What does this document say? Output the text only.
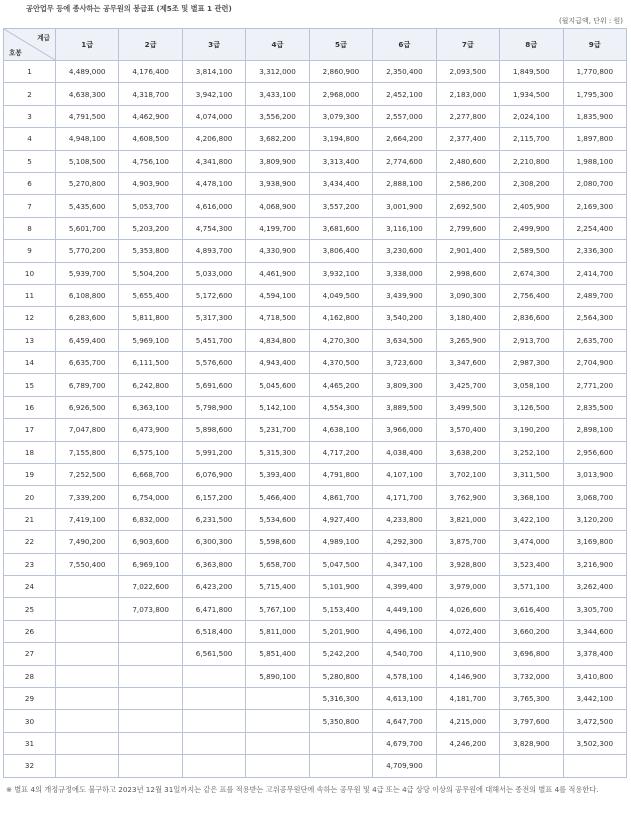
공안업무 등에 종사하는 공무원의 봉급표 (제5조 및 별표 1 관련)
(월지급액, 단위 : 원)
계급
호봉	1급	2급	3급	4급	5급	6급	7급	8급	9급
1	4,489,000	4,176,400	3,814,100	3,312,000	2,860,900	2,350,400	2,093,500	1,849,500	1,770,800
2	4,638,300	4,318,700	3,942,100	3,433,100	2,968,000	2,452,100	2,183,000	1,934,500	1,795,300
3	4,791,500	4,462,900	4,074,000	3,556,200	3,079,300	2,557,000	2,277,800	2,024,100	1,835,900
4	4,948,100	4,608,500	4,206,800	3,682,200	3,194,800	2,664,200	2,377,400	2,115,700	1,897,800
5	5,108,500	4,756,100	4,341,800	3,809,900	3,313,400	2,774,600	2,480,600	2,210,800	1,988,100
6	5,270,800	4,903,900	4,478,100	3,938,900	3,434,400	2,888,100	2,586,200	2,308,200	2,080,700
7	5,435,600	5,053,700	4,616,000	4,068,900	3,557,200	3,001,900	2,692,500	2,405,900	2,169,300
8	5,601,700	5,203,200	4,754,300	4,199,700	3,681,600	3,116,100	2,799,600	2,499,900	2,254,400
9	5,770,200	5,353,800	4,893,700	4,330,900	3,806,400	3,230,600	2,901,400	2,589,500	2,336,300
10	5,939,700	5,504,200	5,033,000	4,461,900	3,932,100	3,338,000	2,998,600	2,674,300	2,414,700
11	6,108,800	5,655,400	5,172,600	4,594,100	4,049,500	3,439,900	3,090,300	2,756,400	2,489,700
12	6,283,600	5,811,800	5,317,300	4,718,500	4,162,800	3,540,200	3,180,400	2,836,600	2,564,300
13	6,459,400	5,969,100	5,451,700	4,834,800	4,270,300	3,634,500	3,265,900	2,913,700	2,635,700
14	6,635,700	6,111,500	5,576,600	4,943,400	4,370,500	3,723,600	3,347,600	2,987,300	2,704,900
15	6,789,700	6,242,800	5,691,600	5,045,600	4,465,200	3,809,300	3,425,700	3,058,100	2,771,200
16	6,926,500	6,363,100	5,798,900	5,142,100	4,554,300	3,889,500	3,499,500	3,126,500	2,835,500
17	7,047,800	6,473,900	5,898,600	5,231,700	4,638,100	3,966,000	3,570,400	3,190,200	2,898,100
18	7,155,800	6,575,100	5,991,200	5,315,300	4,717,200	4,038,400	3,638,200	3,252,100	2,956,600
19	7,252,500	6,668,700	6,076,900	5,393,400	4,791,800	4,107,100	3,702,100	3,311,500	3,013,900
20	7,339,200	6,754,000	6,157,200	5,466,400	4,861,700	4,171,700	3,762,900	3,368,100	3,068,700
21	7,419,100	6,832,000	6,231,500	5,534,600	4,927,400	4,233,800	3,821,000	3,422,100	3,120,200
22	7,490,200	6,903,600	6,300,300	5,598,600	4,989,100	4,292,300	3,875,700	3,474,000	3,169,800
23	7,550,400	6,969,100	6,363,800	5,658,700	5,047,500	4,347,100	3,928,800	3,523,400	3,216,900
24		7,022,600	6,423,200	5,715,400	5,101,900	4,399,400	3,979,000	3,571,100	3,262,400
25		7,073,800	6,471,800	5,767,100	5,153,400	4,449,100	4,026,600	3,616,400	3,305,700
26			6,518,400	5,811,000	5,201,900	4,496,100	4,072,400	3,660,200	3,344,600
27			6,561,500	5,851,400	5,242,200	4,540,700	4,110,900	3,696,800	3,378,400
28				5,890,100	5,280,800	4,578,100	4,146,900	3,732,000	3,410,800
29					5,316,300	4,613,100	4,181,700	3,765,300	3,442,100
30					5,350,800	4,647,700	4,215,000	3,797,600	3,472,500
31						4,679,700	4,246,200	3,828,900	3,502,300
32						4,709,900			
※ 별표 4의 개정규정에도 불구하고 2023년 12월 31일까지는 같은 표를 적용받는 고위공무원단에 속하는 공무원 및 4급 또는 4급 상당 이상의 공무원에 대해서는 종전의 별표 4를 적용한다.
